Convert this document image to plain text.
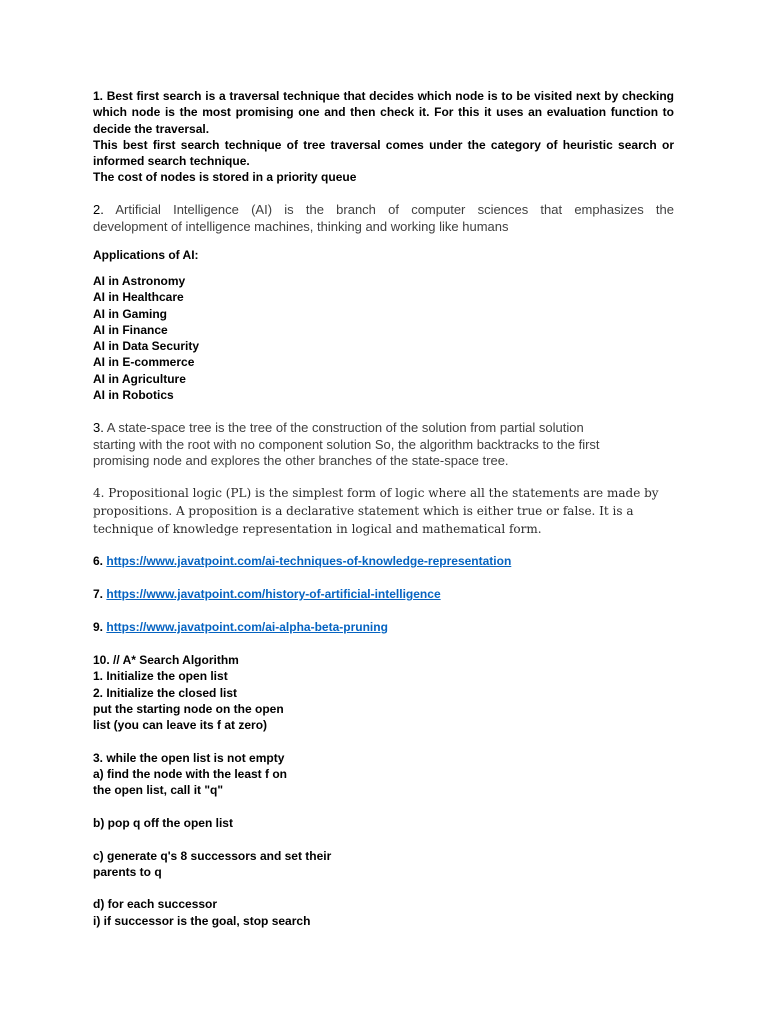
1. Best first search is a traversal technique that decides which node is to be visited next by checking
which node is the most promising one and then check it. For this it uses an evaluation function to
decide the traversal.
This best first search technique of tree traversal comes under the category of heuristic search or
informed search technique.
The cost of nodes is stored in a priority queue
2. Artificial Intelligence (AI) is the branch of computer sciences that emphasizes the
development of intelligence machines, thinking and working like humans
Applications of AI:
AI in Astronomy
AI in Healthcare
AI in Gaming
AI in Finance
AI in Data Security
AI in E-commerce
AI in Agriculture
AI in Robotics
3. A state-space tree is the tree of the construction of the solution from partial solution
starting with the root with no component solution So, the algorithm backtracks to the first
promising node and explores the other branches of the state-space tree.
4. Propositional logic (PL) is the simplest form of logic where all the statements are made by
propositions. A proposition is a declarative statement which is either true or false. It is a
technique of knowledge representation in logical and mathematical form.
6. https://www.javatpoint.com/ai-techniques-of-knowledge-representation
7. https://www.javatpoint.com/history-of-artificial-intelligence
9. https://www.javatpoint.com/ai-alpha-beta-pruning
10. // A* Search Algorithm
1. Initialize the open list
2. Initialize the closed list
put the starting node on the open
list (you can leave its f at zero)
3. while the open list is not empty
a) find the node with the least f on
the open list, call it "q"
b) pop q off the open list
c) generate q's 8 successors and set their
parents to q
d) for each successor
i) if successor is the goal, stop search
